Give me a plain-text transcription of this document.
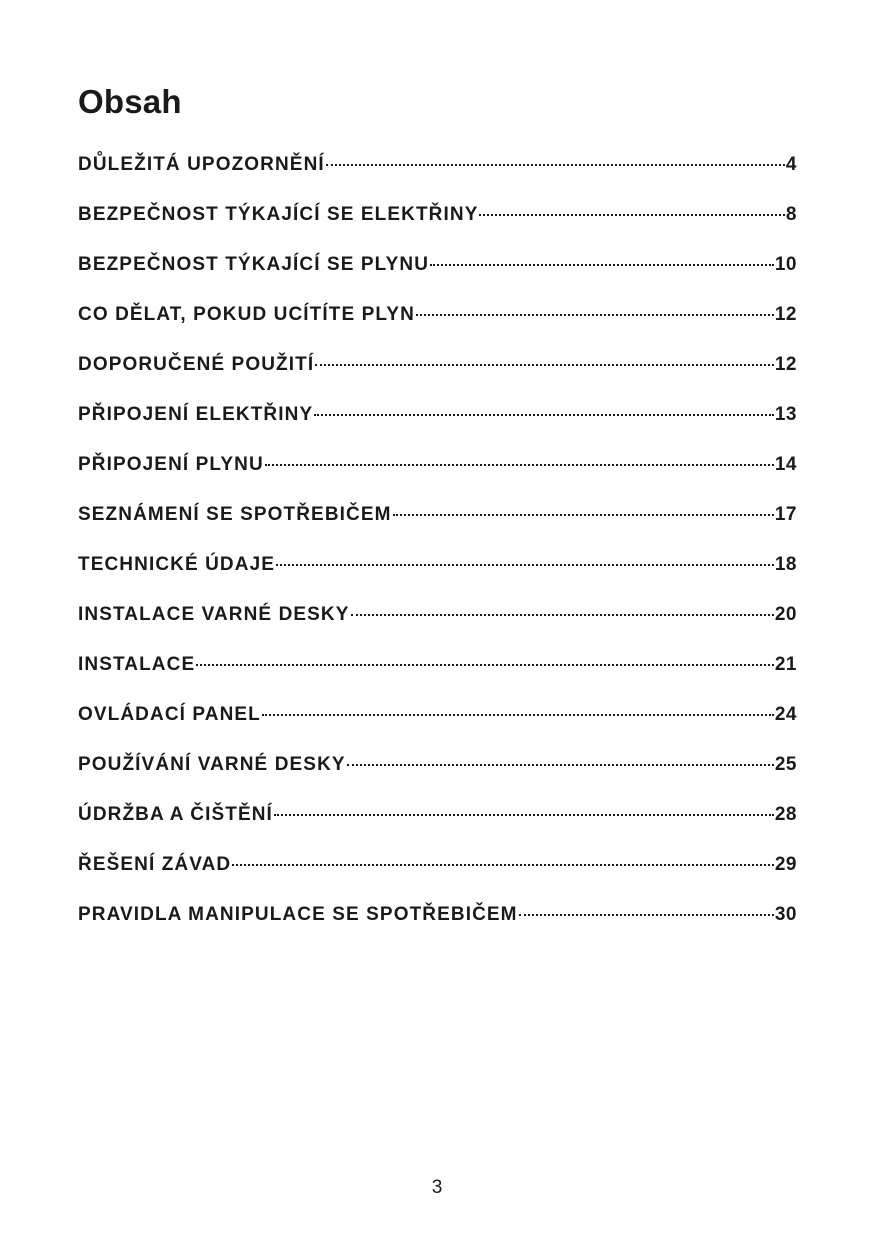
Obsah
DŮLEŽITÁ UPOZORNĚNÍ	4
BEZPEČNOST TÝKAJÍCÍ SE ELEKTŘINY	8
BEZPEČNOST TÝKAJÍCÍ SE PLYNU	10
CO DĚLAT, POKUD UCÍTÍTE PLYN	12
DOPORUČENÉ POUŽITÍ	12
PŘIPOJENÍ ELEKTŘINY	13
PŘIPOJENÍ PLYNU	14
SEZNÁMENÍ SE SPOTŘEBIČEM	17
TECHNICKÉ ÚDAJE	18
INSTALACE VARNÉ DESKY	20
INSTALACE	21
OVLÁDACÍ PANEL	24
POUŽÍVÁNÍ VARNÉ DESKY	25
ÚDRŽBA A ČIŠTĚNÍ	28
ŘEŠENÍ ZÁVAD	29
PRAVIDLA MANIPULACE SE SPOTŘEBIČEM	30
3
